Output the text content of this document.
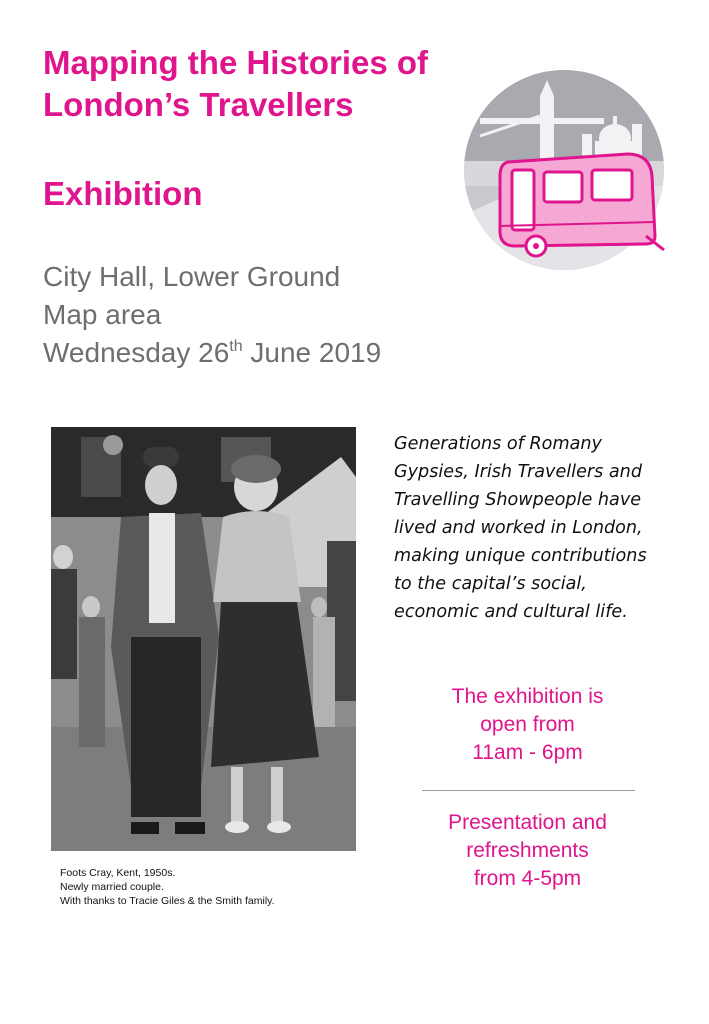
Mapping the Histories of
London’s Travellers
Exhibition
City Hall, Lower Ground
Map area
Wednesday 26th June 2019
Foots Cray, Kent, 1950s.
Newly married couple.
With thanks to Tracie Giles & the Smith family.
Generations of Romany
Gypsies, Irish Travellers and
Travelling Showpeople have
lived and worked in London,
making unique contributions
to the capital’s social,
economic and cultural life.
The exhibition is
open from
11am - 6pm
Presentation and
refreshments
from 4-5pm
